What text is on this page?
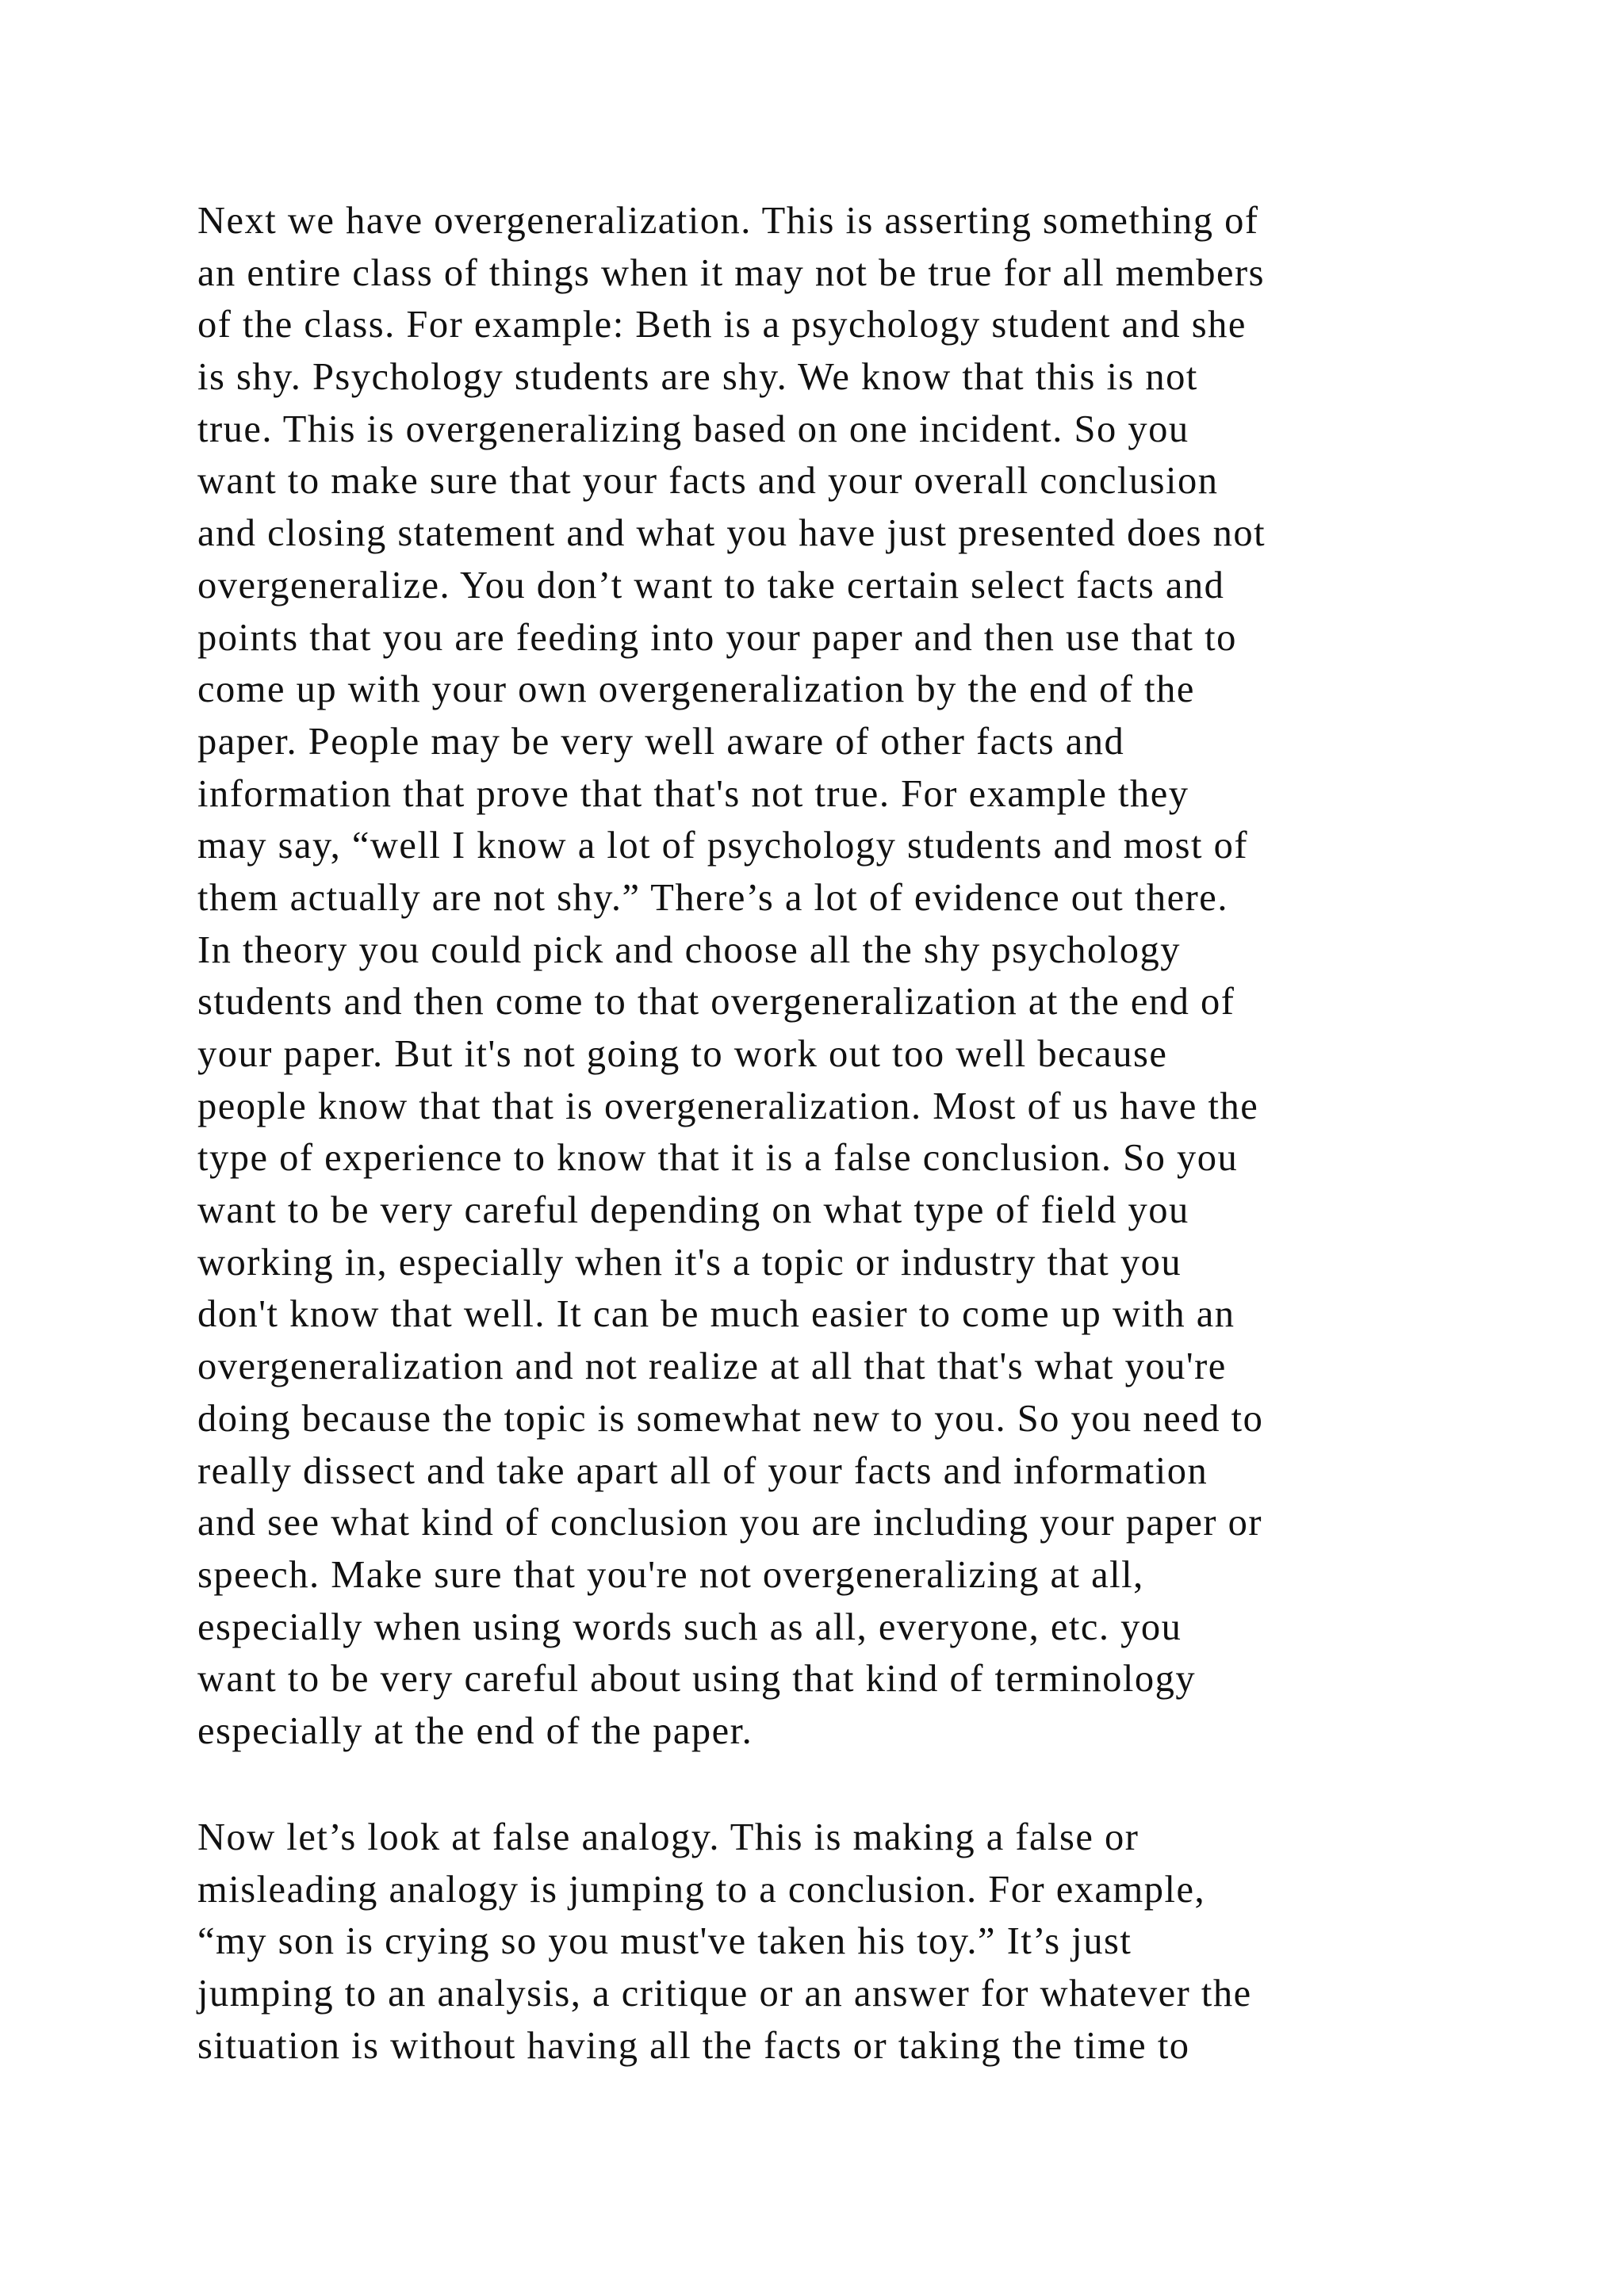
Next we have overgeneralization. This is asserting something of
an entire class of things when it may not be true for all members
of the class. For example: Beth is a psychology student and she
is shy. Psychology students are shy. We know that this is not
true. This is overgeneralizing based on one incident. So you
want to make sure that your facts and your overall conclusion
and closing statement and what you have just presented does not
overgeneralize. You don’t want to take certain select facts and
points that you are feeding into your paper and then use that to
come up with your own overgeneralization by the end of the
paper. People may be very well aware of other facts and
information that prove that that's not true. For example they
may say, “well I know a lot of psychology students and most of
them actually are not shy.” There’s a lot of evidence out there.
In theory you could pick and choose all the shy psychology
students and then come to that overgeneralization at the end of
your paper. But it's not going to work out too well because
people know that that is overgeneralization. Most of us have the
type of experience to know that it is a false conclusion. So you
want to be very careful depending on what type of field you
working in, especially when it's a topic or industry that you
don't know that well. It can be much easier to come up with an
overgeneralization and not realize at all that that's what you're
doing because the topic is somewhat new to you. So you need to
really dissect and take apart all of your facts and information
and see what kind of conclusion you are including your paper or
speech. Make sure that you're not overgeneralizing at all,
especially when using words such as all, everyone, etc. you
want to be very careful about using that kind of terminology
especially at the end of the paper.
Now let’s look at false analogy. This is making a false or
misleading analogy is jumping to a conclusion. For example,
“my son is crying so you must've taken his toy.” It’s just
jumping to an analysis, a critique or an answer for whatever the
situation is without having all the facts or taking the time to
